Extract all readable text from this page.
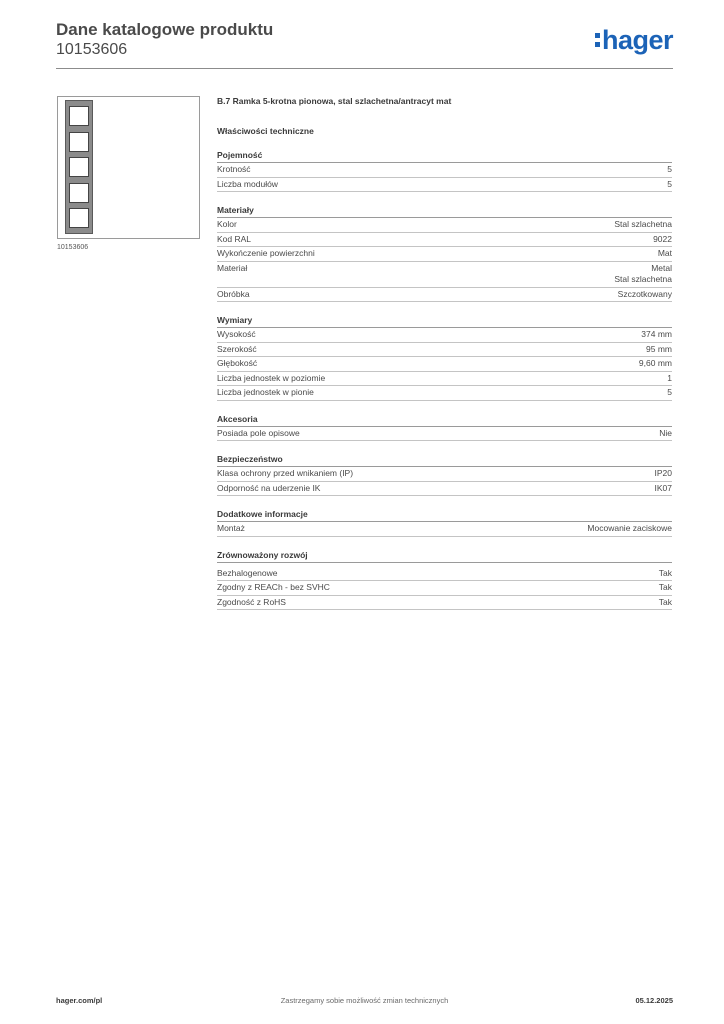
Dane katalogowe produktu
10153606	hager
10153606
B.7 Ramka 5-krotna pionowa, stal szlachetna/antracyt mat
Właściwości techniczne
Pojemność
Krotność	5
Liczba modułów	5
Materiały
Kolor	Stal szlachetna
Kod RAL	9022
Wykończenie powierzchni	Mat
Materiał	Metal
Stal szlachetna
Obróbka	Szczotkowany
Wymiary
Wysokość	374 mm
Szerokość	95 mm
Głębokość	9,60 mm
Liczba jednostek w poziomie	1
Liczba jednostek w pionie	5
Akcesoria
Posiada pole opisowe	Nie
Bezpieczeństwo
Klasa ochrony przed wnikaniem (IP)	IP20
Odporność na uderzenie IK	IK07
Dodatkowe informacje
Montaż	Mocowanie zaciskowe
Zrównoważony rozwój
Bezhalogenowe	Tak
Zgodny z REACh - bez SVHC	Tak
Zgodność z RoHS	Tak
hager.com/pl	Zastrzegamy sobie możliwość zmian technicznych	05.12.2025
